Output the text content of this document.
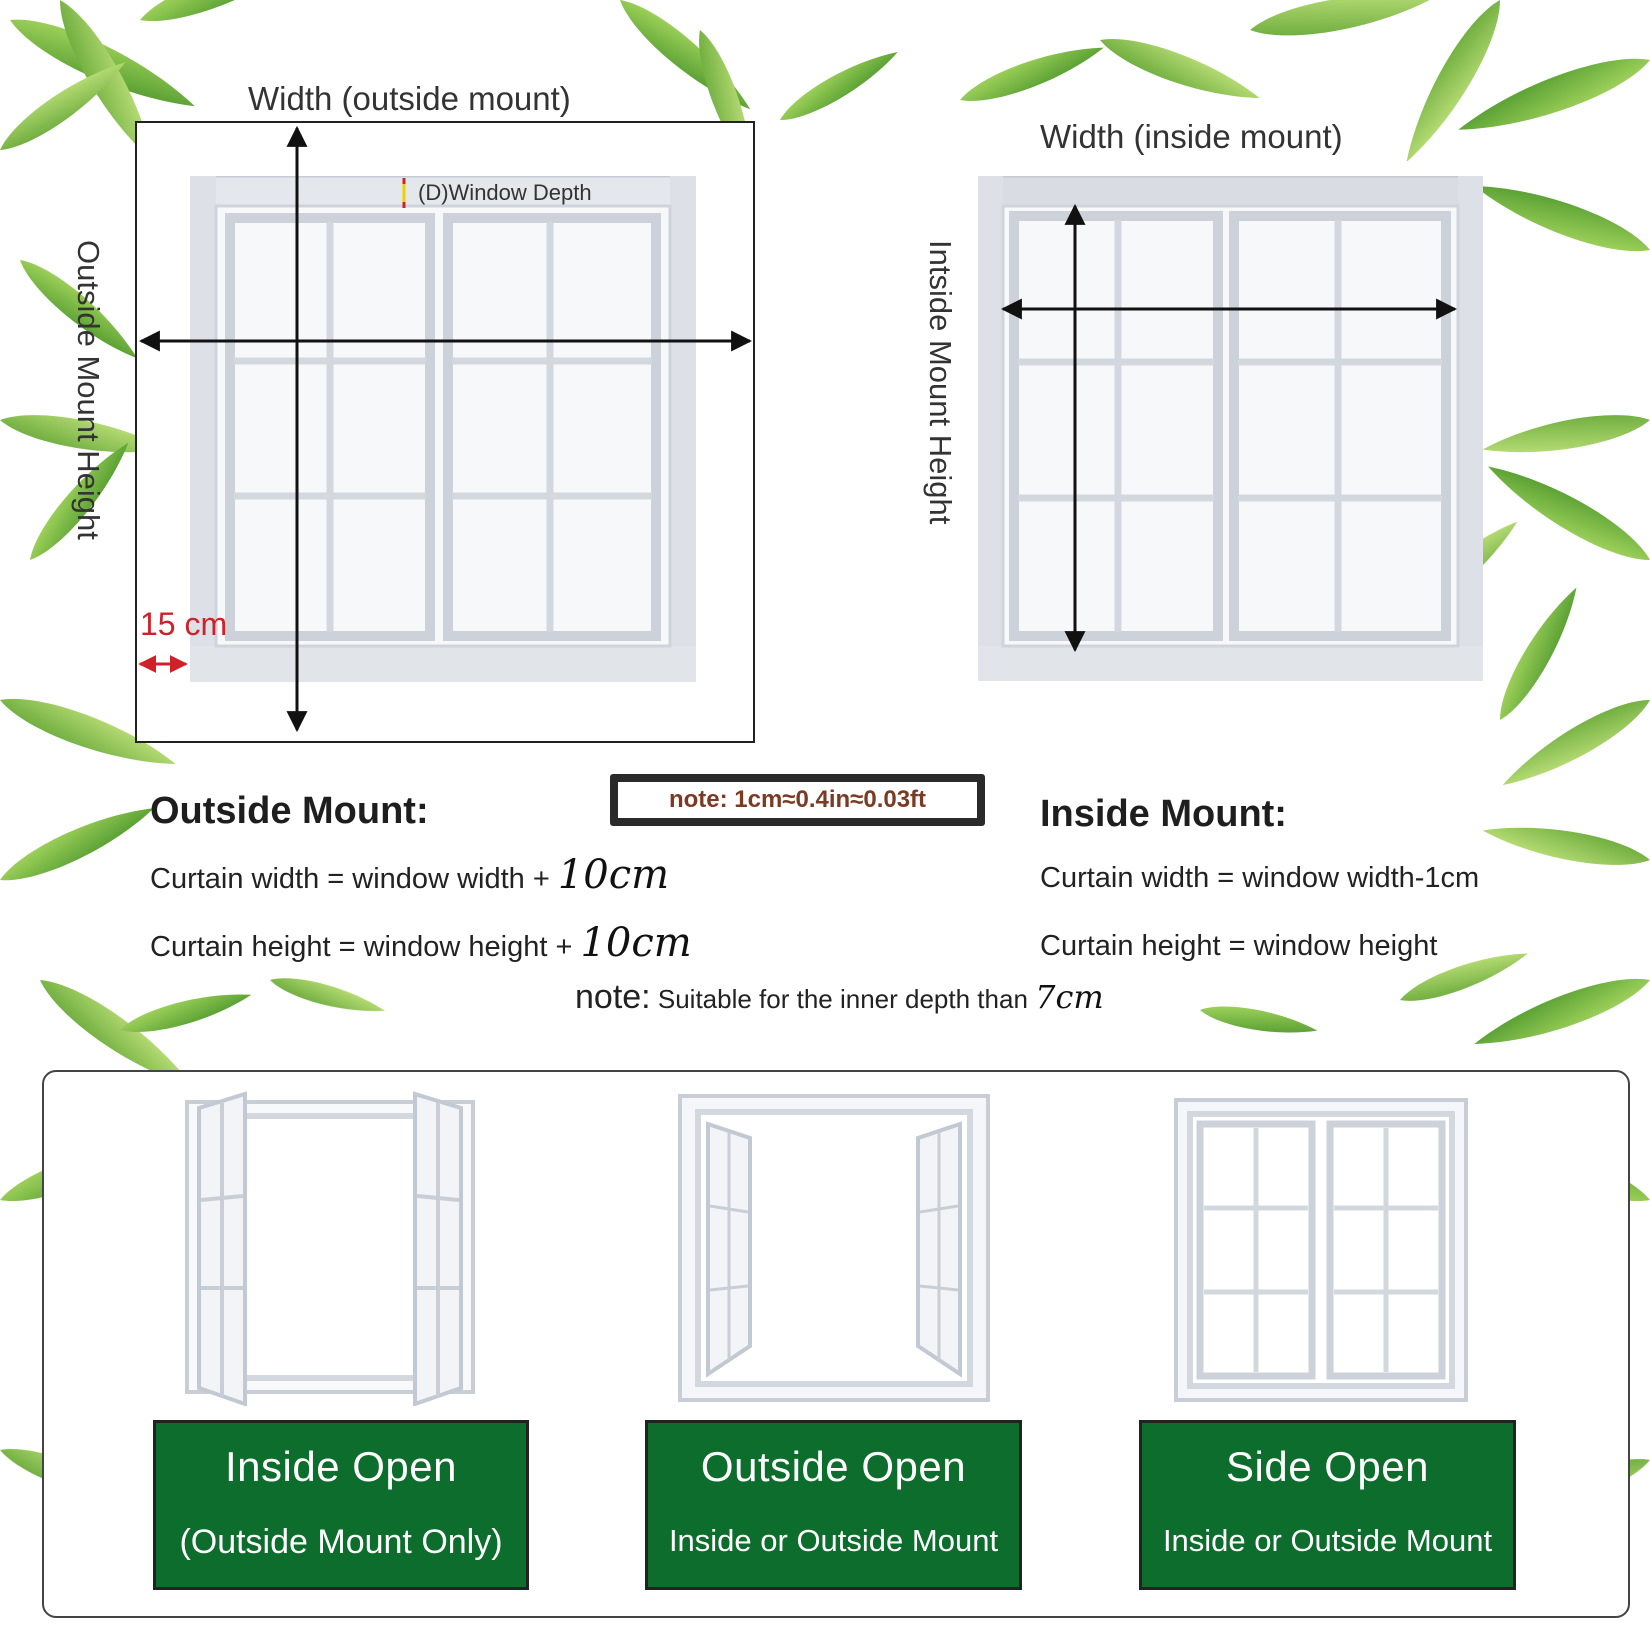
Width (outside mount)
(D)Window Depth
Outside Mount Height
15 cm
Width (inside mount)
Intside Mount Height
note: 1cm≈0.4in≈0.03ft
Outside Mount:
Curtain width = window width + 10cm
Curtain height = window height + 10cm
Inside Mount:
Curtain width = window width-1cm
Curtain height = window height
note: Suitable for the inner depth than 7cm
Inside Open
(Outside Mount Only)
Outside Open
Inside or Outside Mount
Side Open
Inside or Outside Mount
